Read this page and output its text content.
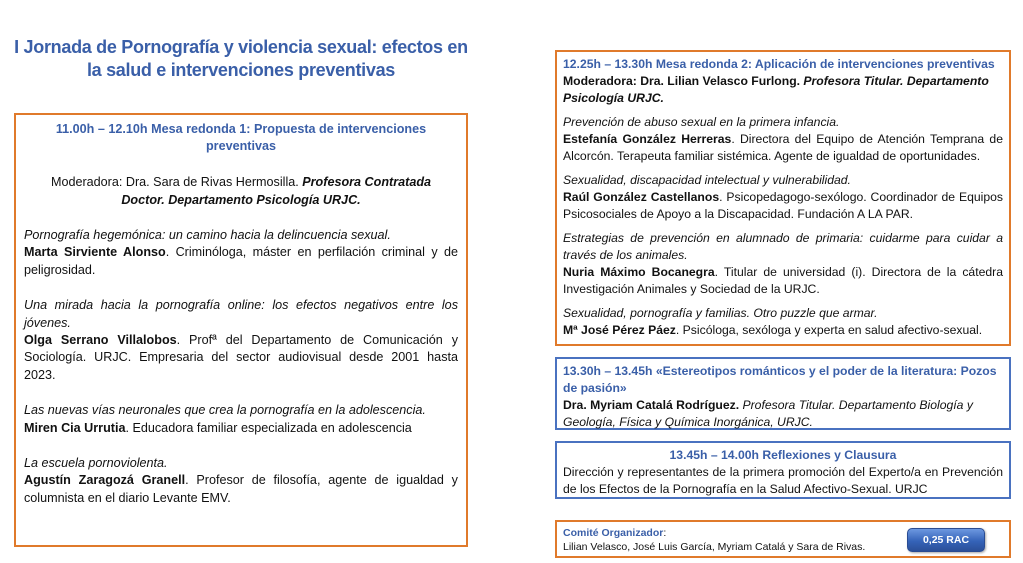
I Jornada de Pornografía y violencia sexual: efectos en la salud e intervenciones preventivas
11.00h – 12.10h Mesa redonda 1: Propuesta de intervenciones preventivas
Moderadora: Dra. Sara de Rivas Hermosilla. Profesora Contratada Doctor. Departamento Psicología URJC.
Pornografía hegemónica: un camino hacia la delincuencia sexual.
Marta Sirviente Alonso. Criminóloga, máster en perfilación criminal y de peligrosidad.
Una mirada hacia la pornografía online: los efectos negativos entre los jóvenes.
Olga Serrano Villalobos. Profª del Departamento de Comunicación y Sociología. URJC. Empresaria del sector audiovisual desde 2001 hasta 2023.
Las nuevas vías neuronales que crea la pornografía en la adolescencia.
Miren Cia Urrutia. Educadora familiar especializada en adolescencia
La escuela pornoviolenta.
Agustín Zaragozá Granell. Profesor de filosofía, agente de igualdad y columnista en el diario Levante EMV.
12.25h – 13.30h Mesa redonda 2: Aplicación de intervenciones preventivas
Moderadora: Dra. Lilian Velasco Furlong. Profesora Titular. Departamento Psicología URJC.
Prevención de abuso sexual en la primera infancia.
Estefanía González Herreras. Directora del Equipo de Atención Temprana de Alcorcón. Terapeuta familiar sistémica. Agente de igualdad de oportunidades.
Sexualidad, discapacidad intelectual y vulnerabilidad.
Raúl González Castellanos. Psicopedagogo-sexólogo. Coordinador de Equipos Psicosociales de Apoyo a la Discapacidad. Fundación A LA PAR.
Estrategias de prevención en alumnado de primaria: cuidarme para cuidar a través de los animales.
Nuria Máximo Bocanegra. Titular de universidad (i). Directora de la cátedra Investigación Animales y Sociedad de la URJC.
Sexualidad, pornografía y familias. Otro puzzle que armar.
Mª José Pérez Páez. Psicóloga, sexóloga y experta en salud afectivo-sexual.
13.30h – 13.45h «Estereotipos románticos y el poder de la literatura: Pozos de pasión»
Dra. Myriam Catalá Rodríguez. Profesora Titular. Departamento Biología y Geología, Física y Química Inorgánica, URJC.
13.45h – 14.00h Reflexiones y Clausura
Dirección y representantes de la primera promoción del Experto/a en Prevención de los Efectos de la Pornografía en la Salud Afectivo-Sexual. URJC
Comité Organizador:
Lilian Velasco, José Luis García, Myriam Catalá y Sara de Rivas.
0,25 RAC
